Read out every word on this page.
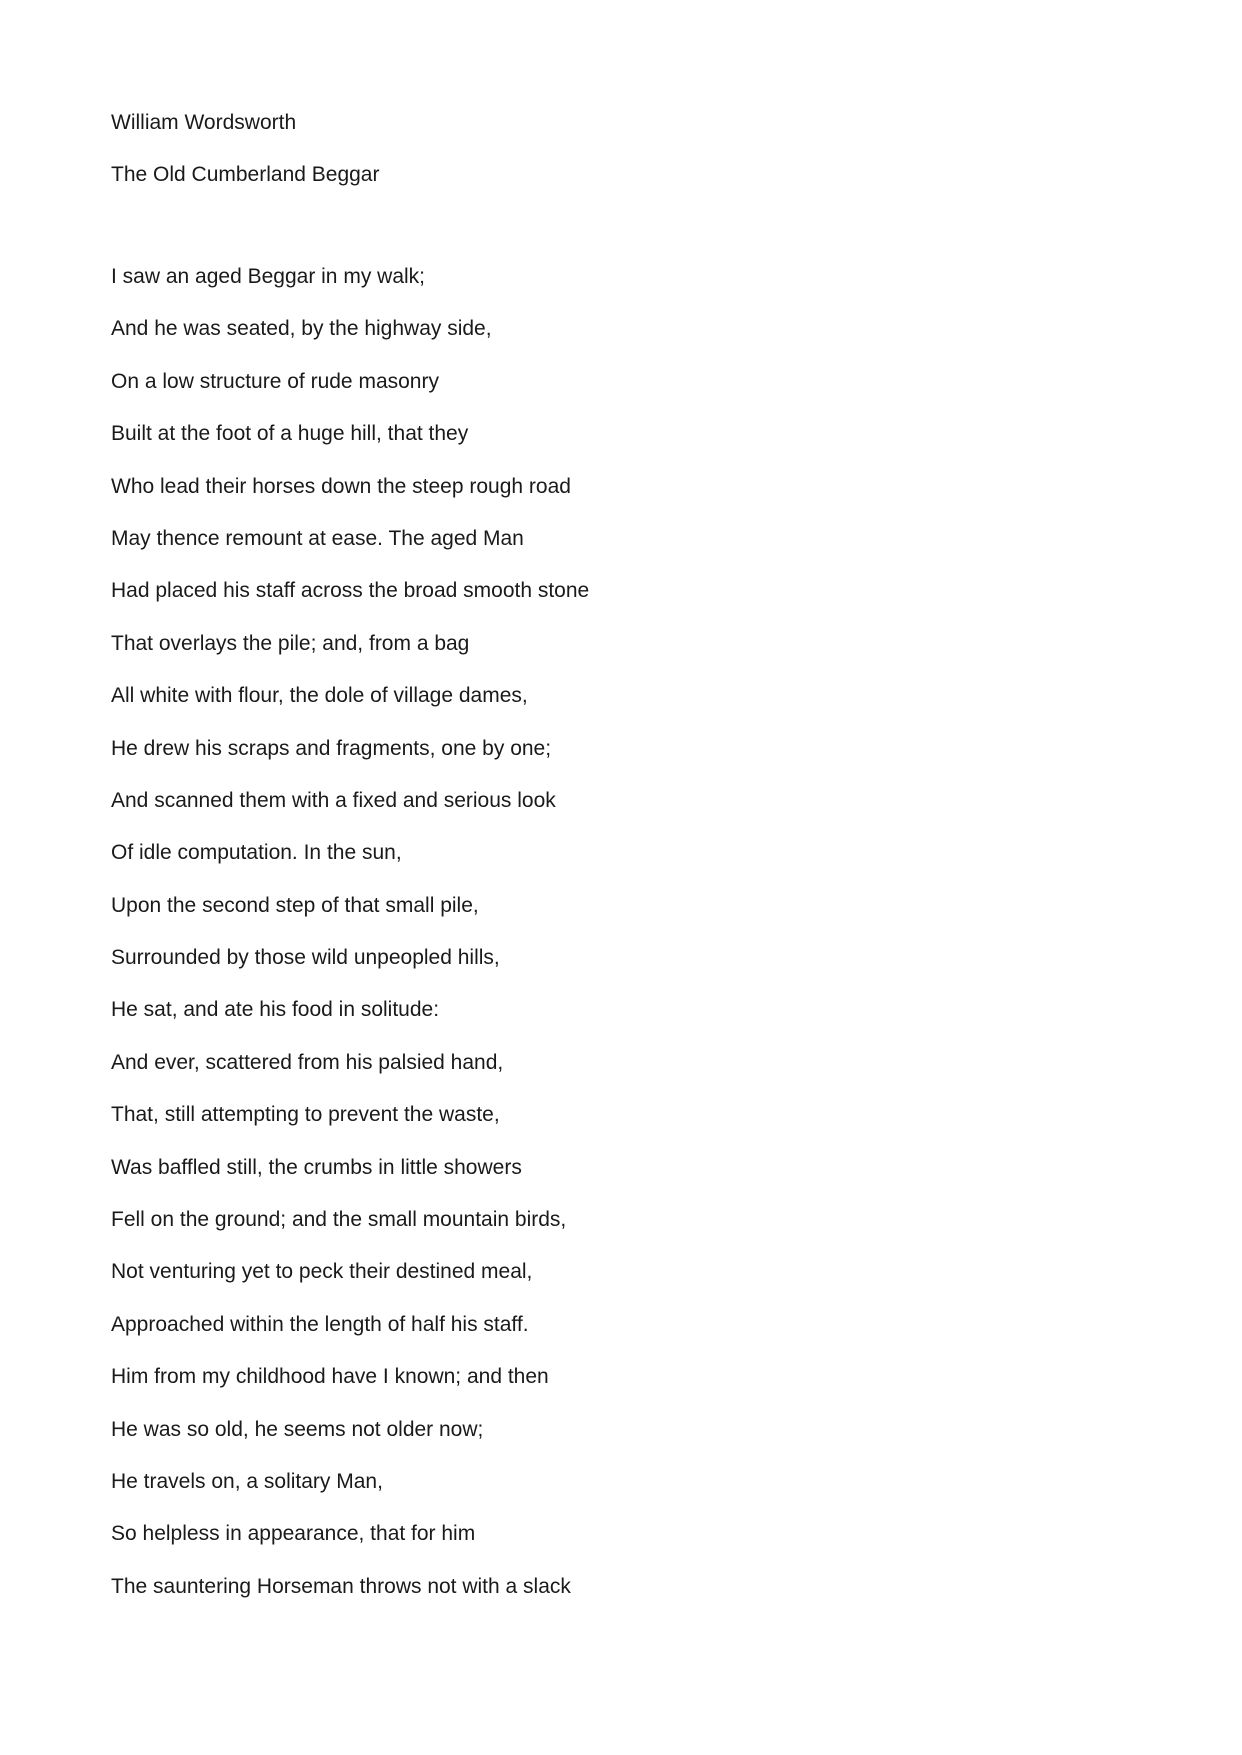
William Wordsworth
The Old Cumberland Beggar
I saw an aged Beggar in my walk;
And he was seated, by the highway side,
On a low structure of rude masonry
Built at the foot of a huge hill, that they
Who lead their horses down the steep rough road
May thence remount at ease. The aged Man
Had placed his staff across the broad smooth stone
That overlays the pile; and, from a bag
All white with flour, the dole of village dames,
He drew his scraps and fragments, one by one;
And scanned them with a fixed and serious look
Of idle computation. In the sun,
Upon the second step of that small pile,
Surrounded by those wild unpeopled hills,
He sat, and ate his food in solitude:
And ever, scattered from his palsied hand,
That, still attempting to prevent the waste,
Was baffled still, the crumbs in little showers
Fell on the ground; and the small mountain birds,
Not venturing yet to peck their destined meal,
Approached within the length of half his staff.
Him from my childhood have I known; and then
He was so old, he seems not older now;
He travels on, a solitary Man,
So helpless in appearance, that for him
The sauntering Horseman throws not with a slack
